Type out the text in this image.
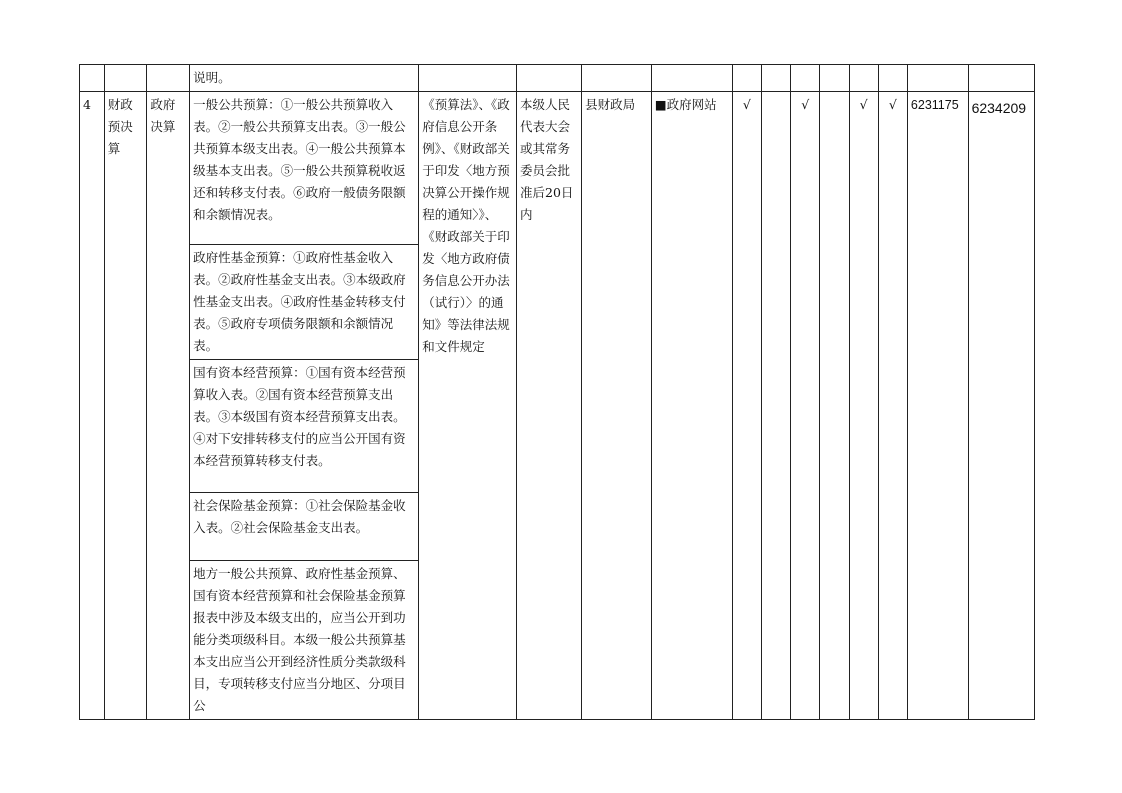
			说明。												
4	财政预决算	政府决算	一般公共预算：①一般公共预算收入表。②一般公共预算支出表。③一般公共预算本级支出表。④一般公共预算本级基本支出表。⑤一般公共预算税收返还和转移支付表。⑥政府一般债务限额和余额情况表。	《预算法》、《政府信息公开条例》、《财政部关于印发〈地方预决算公开操作规程的通知〉》、《财政部关于印发〈地方政府债务信息公开办法（试行）〉的通知》等法律法规和文件规定	本级人民代表大会或其常务委员会批准后20日内	县财政局	■政府网站	√		√		√	√	6231175	6234209

			政府性基金预算：①政府性基金收入表。②政府性基金支出表。③本级政府性基金支出表。④政府性基金转移支付表。⑤政府专项债务限额和余额情况表。												
			国有资本经营预算：①国有资本经营预算收入表。②国有资本经营预算支出表。③本级国有资本经营预算支出表。④对下安排转移支付的应当公开国有资本经营预算转移支付表。												
			社会保险基金预算：①社会保险基金收入表。②社会保险基金支出表。												
			地方一般公共预算、政府性基金预算、国有资本经营预算和社会保险基金预算报表中涉及本级支出的，应当公开到功能分类项级科目。本级一般公共预算基本支出应当公开到经济性质分类款级科目，专项转移支付应当分地区、分项目公												
